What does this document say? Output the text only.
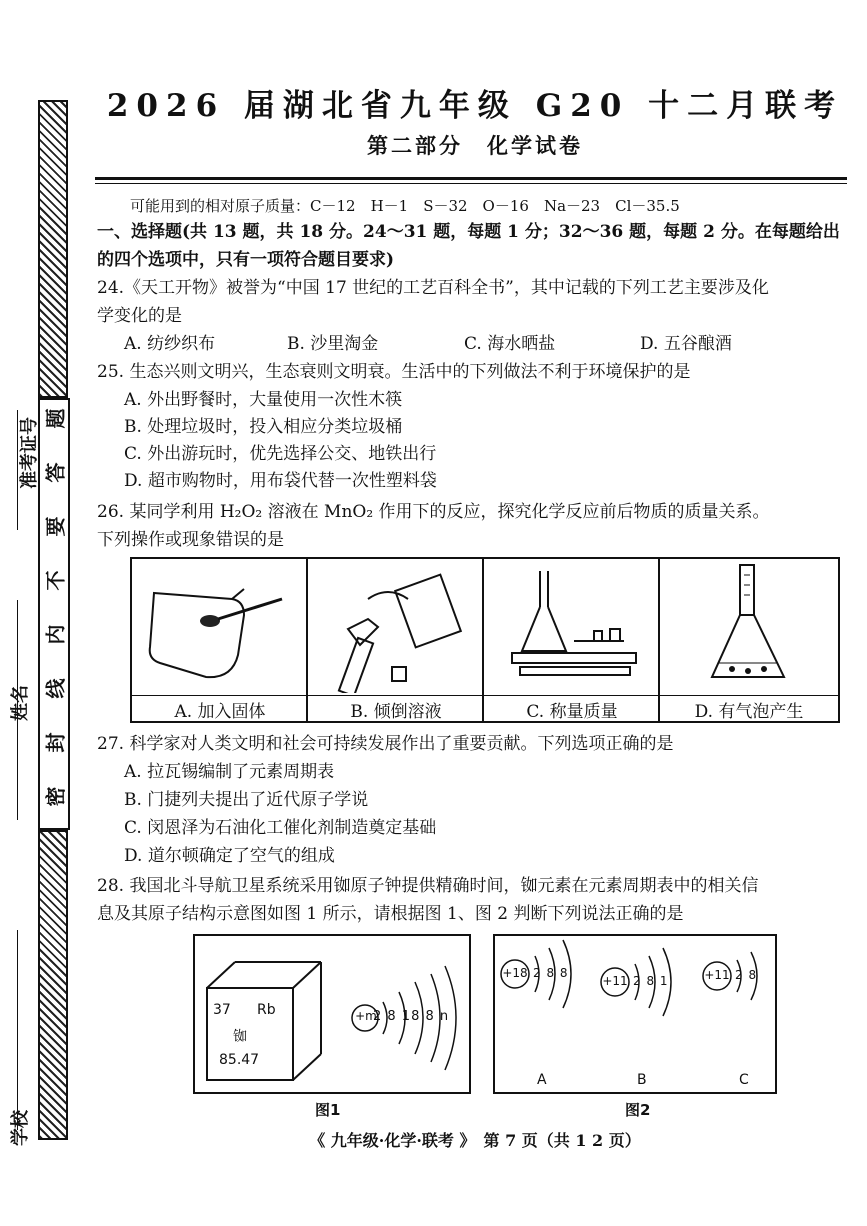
题
答
要
不
内
线
封
密
准考证号
姓名
学校
2026 届湖北省九年级 G20 十二月联考
第二部分　化学试卷
可能用到的相对原子质量：C－12　H－1　S－32　O－16　Na－23　Cl－35.5
一、选择题(共 13 题，共 18 分。24～31 题，每题 1 分；32～36 题，每题 2 分。在每题给出
的四个选项中，只有一项符合题目要求)
24.《天工开物》被誉为“中国 17 世纪的工艺百科全书”，其中记载的下列工艺主要涉及化
学变化的是
A. 纺纱织布	B. 沙里淘金	C. 海水晒盐	D. 五谷酿酒
25. 生态兴则文明兴，生态衰则文明衰。生活中的下列做法不利于环境保护的是
A. 外出野餐时，大量使用一次性木筷
B. 处理垃圾时，投入相应分类垃圾桶
C. 外出游玩时，优先选择公交、地铁出行
D. 超市购物时，用布袋代替一次性塑料袋
26. 某同学利用 H₂O₂ 溶液在 MnO₂ 作用下的反应，探究化学反应前后物质的质量关系。
下列操作或现象错误的是
A. 加入固体	B. 倾倒溶液	C. 称量质量	D. 有气泡产生
27. 科学家对人类文明和社会可持续发展作出了重要贡献。下列选项正确的是
A. 拉瓦锡编制了元素周期表
B. 门捷列夫提出了近代原子学说
C. 闵恩泽为石油化工催化剂制造奠定基础
D. 道尔顿确定了空气的组成
28. 我国北斗导航卫星系统采用铷原子钟提供精确时间，铷元素在元素周期表中的相关信
息及其原子结构示意图如图 1 所示，请根据图 1、图 2 判断下列说法正确的是
37 Rb
铷
85.47
+m
2 8 18 8 n
图1
+18 2 8 8
+11 2 8 1	+11 2 8
A	B	C
图2
《 九年级·化学·联考 》　第 7 页（共 1 2 页）
